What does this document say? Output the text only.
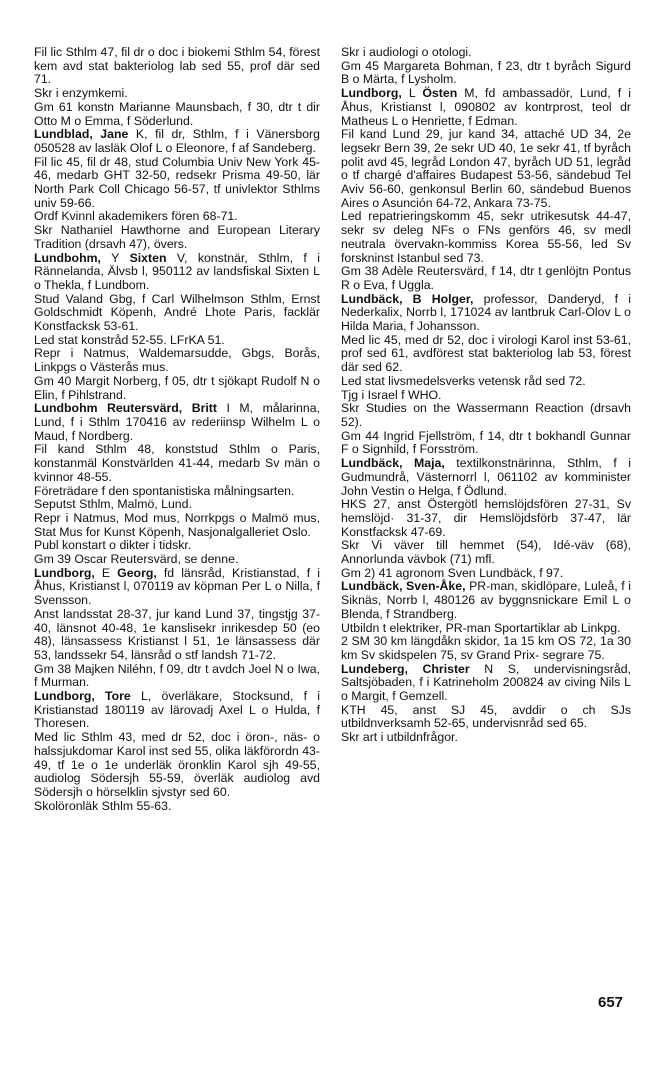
Fil lic Sthlm 47, fil dr o doc i biokemi Sthlm 54, förest kem avd stat bakteriolog lab sed 55, prof där sed 71.

Skr i enzymkemi.

Gm 61 konstn Marianne Maunsbach, f 30, dtr t dir Otto M o Emma, f Söderlund.

Lundblad, Jane K, fil dr, Sthlm, f i Vänersborg 050528 av lasläk Olof L o Eleonore, f af Sandeberg.

Fil lic 45, fil dr 48, stud Columbia Univ New York 45-46, medarb GHT 32-50, redsekr Prisma 49-50, lär North Park Coll Chicago 56-57, tf univlektor Sthlms univ 59-66.

Ordf Kvinnl akademikers fören 68-71.

Skr Nathaniel Hawthorne and European Literary Tradition (drsavh 47), övers.

Lundbohm, Y Sixten V, konstnär, Sthlm, f i Rännelanda, Älvsb l, 950112 av landsfiskal Sixten L o Thekla, f Lundbom.

Stud Valand Gbg, f Carl Wilhelmson Sthlm, Ernst Goldschmidt Köpenh, André Lhote Paris, facklär Konstfacksk 53-61.

Led stat konstråd 52-55. LFrKA 51.

Repr i Natmus, Waldemarsudde, Gbgs, Borås, Linkpgs o Västerås mus.

Gm 40 Margit Norberg, f 05, dtr t sjökapt Rudolf N o Elin, f Pihlstrand.

Lundbohm Reutersvärd, Britt I M, målarinna, Lund, f i Sthlm 170416 av rederiinsp Wilhelm L o Maud, f Nordberg.

Fil kand Sthlm 48, konststud Sthlm o Paris, konstanmäl Konstvärlden 41-44, medarb Sv män o kvinnor 48-55.

Företrädare f den spontanistiska målningsarten.

Seputst Sthlm, Malmö, Lund.

Repr i Natmus, Mod mus, Norrkpgs o Malmö mus, Stat Mus for Kunst Köpenh, Nasjonalgalleriet Oslo.

Publ konstart o dikter i tidskr.

Gm 39 Oscar Reutersvärd, se denne.

Lundborg, E Georg, fd länsråd, Kristianstad, f i Åhus, Kristianst l, 070119 av köpman Per L o Nilla, f Svensson.

Anst landsstat 28-37, jur kand Lund 37, tingstjg 37-40, länsnot 40-48, 1e kanslisekr inrikesdep 50 (eo 48), länsassess Kristianst l 51, 1e länsassess där 53, landssekr 54, länsråd o stf landsh 71-72.

Gm 38 Majken Niléhn, f 09, dtr t avdch Joel N o Iwa, f Murman.

Lundborg, Tore L, överläkare, Stocksund, f i Kristianstad 180119 av lärovadj Axel L o Hulda, f Thoresen.

Med lic Sthlm 43, med dr 52, doc i öron-, näs- o halssjukdomar Karol inst sed 55, olika läkförordn 43-49, tf 1e o 1e underläk öronklin Karol sjh 49-55, audiolog Södersjh 55-59, överläk audiolog avd Södersjh o hörselklin sjvstyr sed 60.

Skolöronläk Sthlm 55-63.

Skr i audiologi o otologi.

Gm 45 Margareta Bohman, f 23, dtr t byråch Sigurd B o Märta, f Lysholm.

Lundborg, L Östen M, fd ambassadör, Lund, f i Åhus, Kristianst l, 090802 av kontrprost, teol dr Matheus L o Henriette, f Edman.

Fil kand Lund 29, jur kand 34, attaché UD 34, 2e legsekr Bern 39, 2e sekr UD 40, 1e sekr 41, tf byråch polit avd 45, legråd London 47, byråch UD 51, legråd o tf chargé d'affaires Budapest 53-56, sändebud Tel Aviv 56-60, genkonsul Berlin 60, sändebud Buenos Aires o Asunción 64-72, Ankara 73-75.

Led repatrieringskomm 45, sekr utrikesutsk 44-47, sekr sv deleg NFs o FNs genförs 46, sv medl neutrala övervakn-kommiss Korea 55-56, led Sv forskninst Istanbul sed 73.

Gm 38 Adèle Reutersvärd, f 14, dtr t genlöjtn Pontus R o Eva, f Uggla.

Lundbäck, B Holger, professor, Danderyd, f i Nederkalix, Norrb l, 171024 av lantbruk Carl-Olov L o Hilda Maria, f Johansson.

Med lic 45, med dr 52, doc i virologi Karol inst 53-61, prof sed 61, avdförest stat bakteriolog lab 53, förest där sed 62.

Led stat livsmedelsverks vetensk råd sed 72.

Tjg i Israel f WHO.

Skr Studies on the Wassermann Reaction (drsavh 52).

Gm 44 Ingrid Fjellström, f 14, dtr t bokhandl Gunnar F o Signhild, f Forsström.

Lundbäck, Maja, textilkonstnärinna, Sthlm, f i Gudmundrå, Västernorrl l, 061102 av komminister John Vestin o Helga, f Ödlund.

HKS 27, anst Östergötl hemslöjdsfören 27-31, Sv hemslöjd· 31-37, dir Hemslöjdsförb 37-47, lär Konstfacksk 47-69.

Skr Vi väver till hemmet (54), Idé-väv (68), Annorlunda vävbok (71) mfl.

Gm 2) 41 agronom Sven Lundbäck, f 97.

Lundbäck, Sven-Åke, PR-man, skidlöpare, Luleå, f i Siknäs, Norrb l, 480126 av byggnsnickare Emil L o Blenda, f Strandberg.

Utbildn t elektriker, PR-man Sportartiklar ab Linkpg.

2 SM 30 km längdåkn skidor, 1a 15 km OS 72, 1a 30 km Sv skidspelen 75, sv Grand Prix- segrare 75.

Lundeberg, Christer N S, undervisningsråd, Saltsjöbaden, f i Katrineholm 200824 av civing Nils L o Margit, f Gemzell.

KTH 45, anst SJ 45, avddir o ch SJs utbildnverksamh 52-65, undervisnråd sed 65.

Skr art i utbildnfrågor.

657
